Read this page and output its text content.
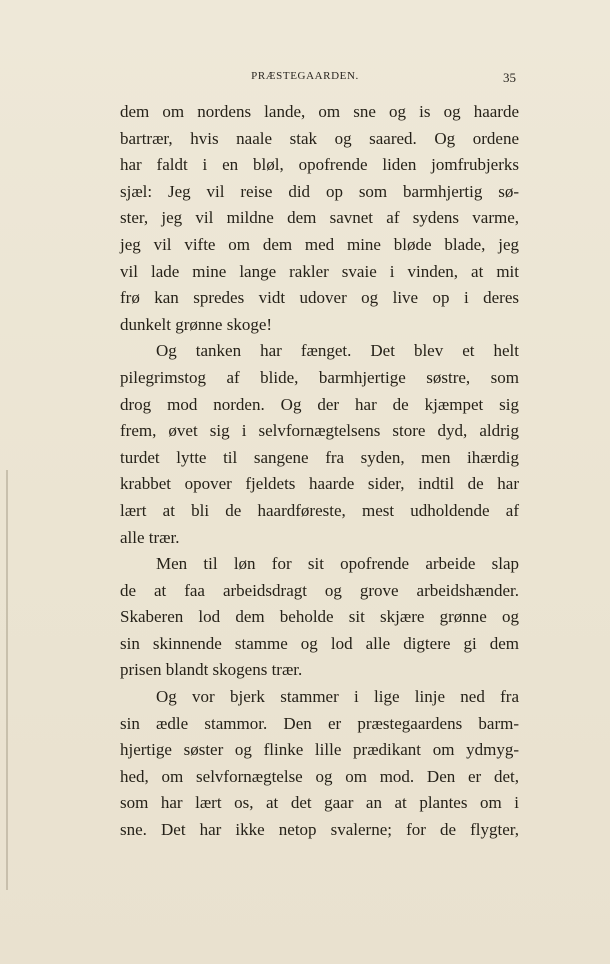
PRÆSTEGAARDEN.	35
dem om nordens lande, om sne og is og haarde
bartrær, hvis naale stak og saared. Og ordene
har faldt i en bløl, opofrende liden jomfrubjerks
sjæl: Jeg vil reise did op som barmhjertig sø-
ster, jeg vil mildne dem savnet af sydens varme,
jeg vil vifte om dem med mine bløde blade, jeg
vil lade mine lange rakler svaie i vinden, at mit
frø kan spredes vidt udover og live op i deres
dunkelt grønne skoge!
Og tanken har fænget. Det blev et helt
pilegrimstog af blide, barmhjertige søstre, som
drog mod norden. Og der har de kjæmpet sig
frem, øvet sig i selvfornægtelsens store dyd, aldrig
turdet lytte til sangene fra syden, men ihærdig
krabbet opover fjeldets haarde sider, indtil de har
lært at bli de haardføreste, mest udholdende af
alle trær.
Men til løn for sit opofrende arbeide slap
de at faa arbeidsdragt og grove arbeidshænder.
Skaberen lod dem beholde sit skjære grønne og
sin skinnende stamme og lod alle digtere gi dem
prisen blandt skogens trær.
Og vor bjerk stammer i lige linje ned fra
sin ædle stammor. Den er præstegaardens barm-
hjertige søster og flinke lille prædikant om ydmyg-
hed, om selvfornægtelse og om mod. Den er det,
som har lært os, at det gaar an at plantes om i
sne. Det har ikke netop svalerne; for de flygter,
